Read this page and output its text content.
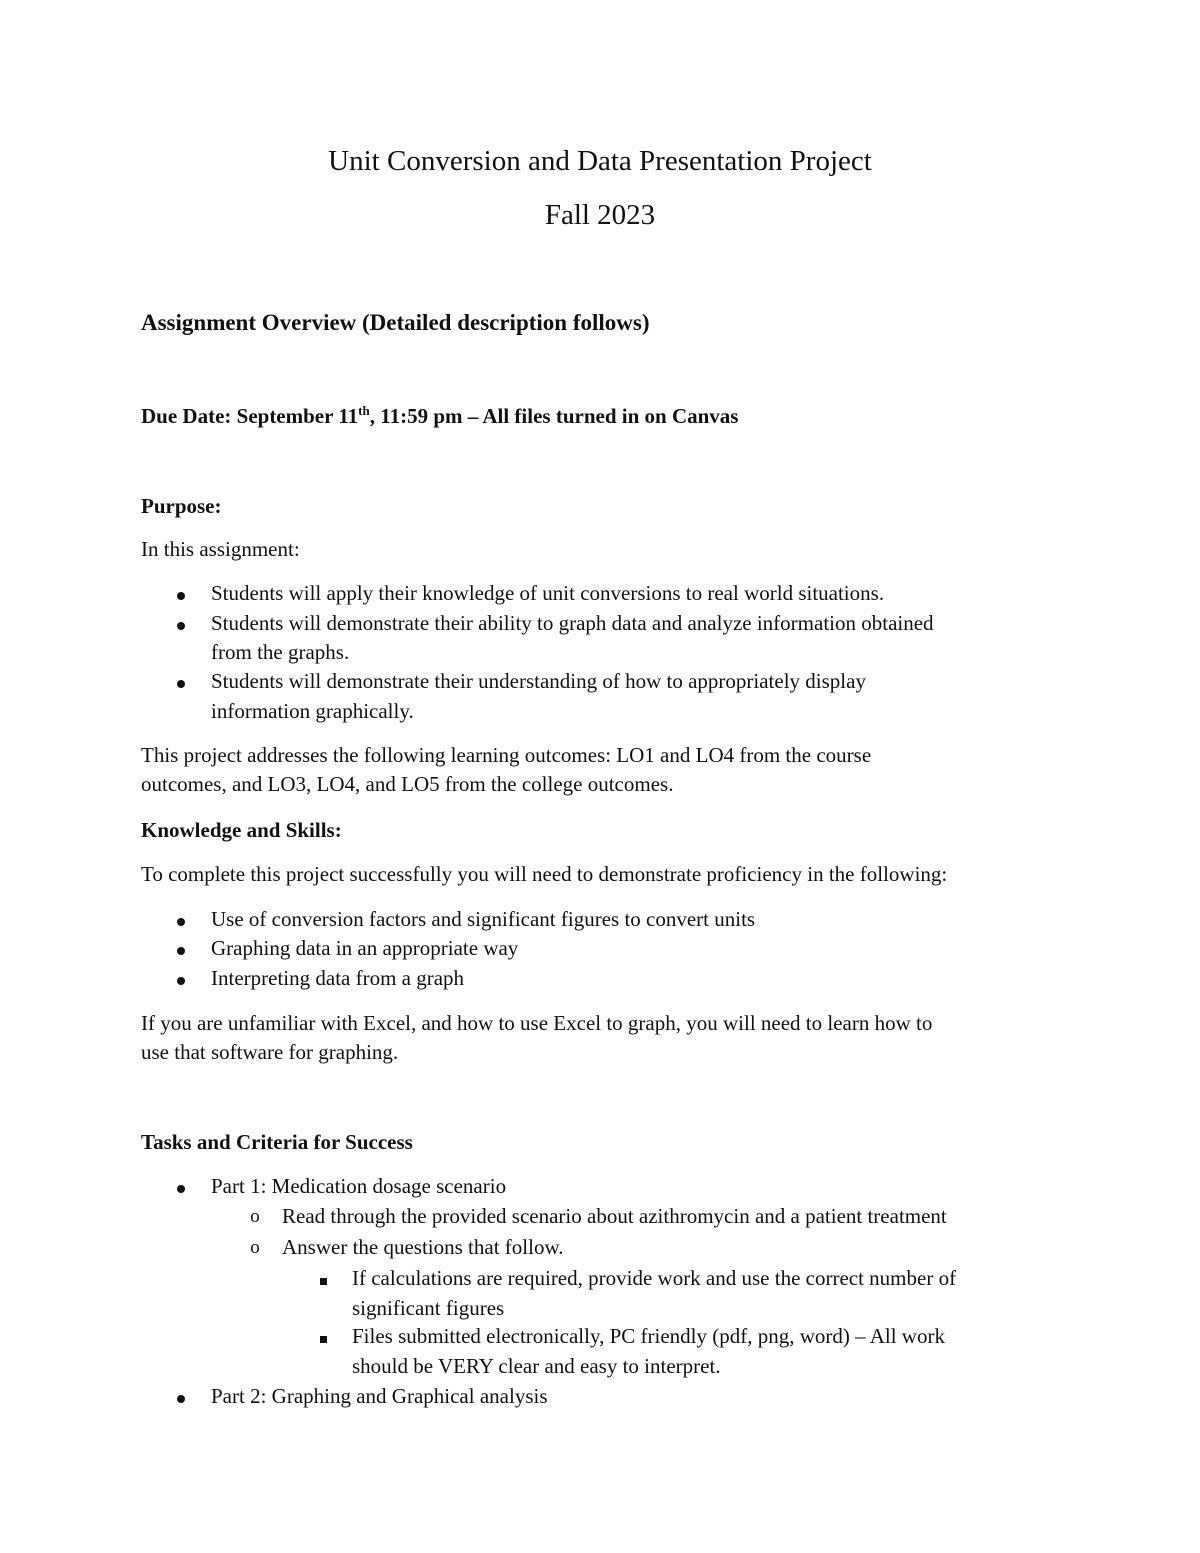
Unit Conversion and Data Presentation Project
Fall 2023
Assignment Overview (Detailed description follows)
Due Date: September 11th, 11:59 pm – All files turned in on Canvas
Purpose:
In this assignment:
Students will apply their knowledge of unit conversions to real world situations.
Students will demonstrate their ability to graph data and analyze information obtained
from the graphs.
Students will demonstrate their understanding of how to appropriately display
information graphically.
This project addresses the following learning outcomes: LO1 and LO4 from the course
outcomes, and LO3, LO4, and LO5 from the college outcomes.
Knowledge and Skills:
To complete this project successfully you will need to demonstrate proficiency in the following:
Use of conversion factors and significant figures to convert units
Graphing data in an appropriate way
Interpreting data from a graph
If you are unfamiliar with Excel, and how to use Excel to graph, you will need to learn how to
use that software for graphing.
Tasks and Criteria for Success
Part 1: Medication dosage scenario
o	Read through the provided scenario about azithromycin and a patient treatment
o	Answer the questions that follow.
If calculations are required, provide work and use the correct number of
significant figures
Files submitted electronically, PC friendly (pdf, png, word) – All work
should be VERY clear and easy to interpret.
Part 2: Graphing and Graphical analysis
